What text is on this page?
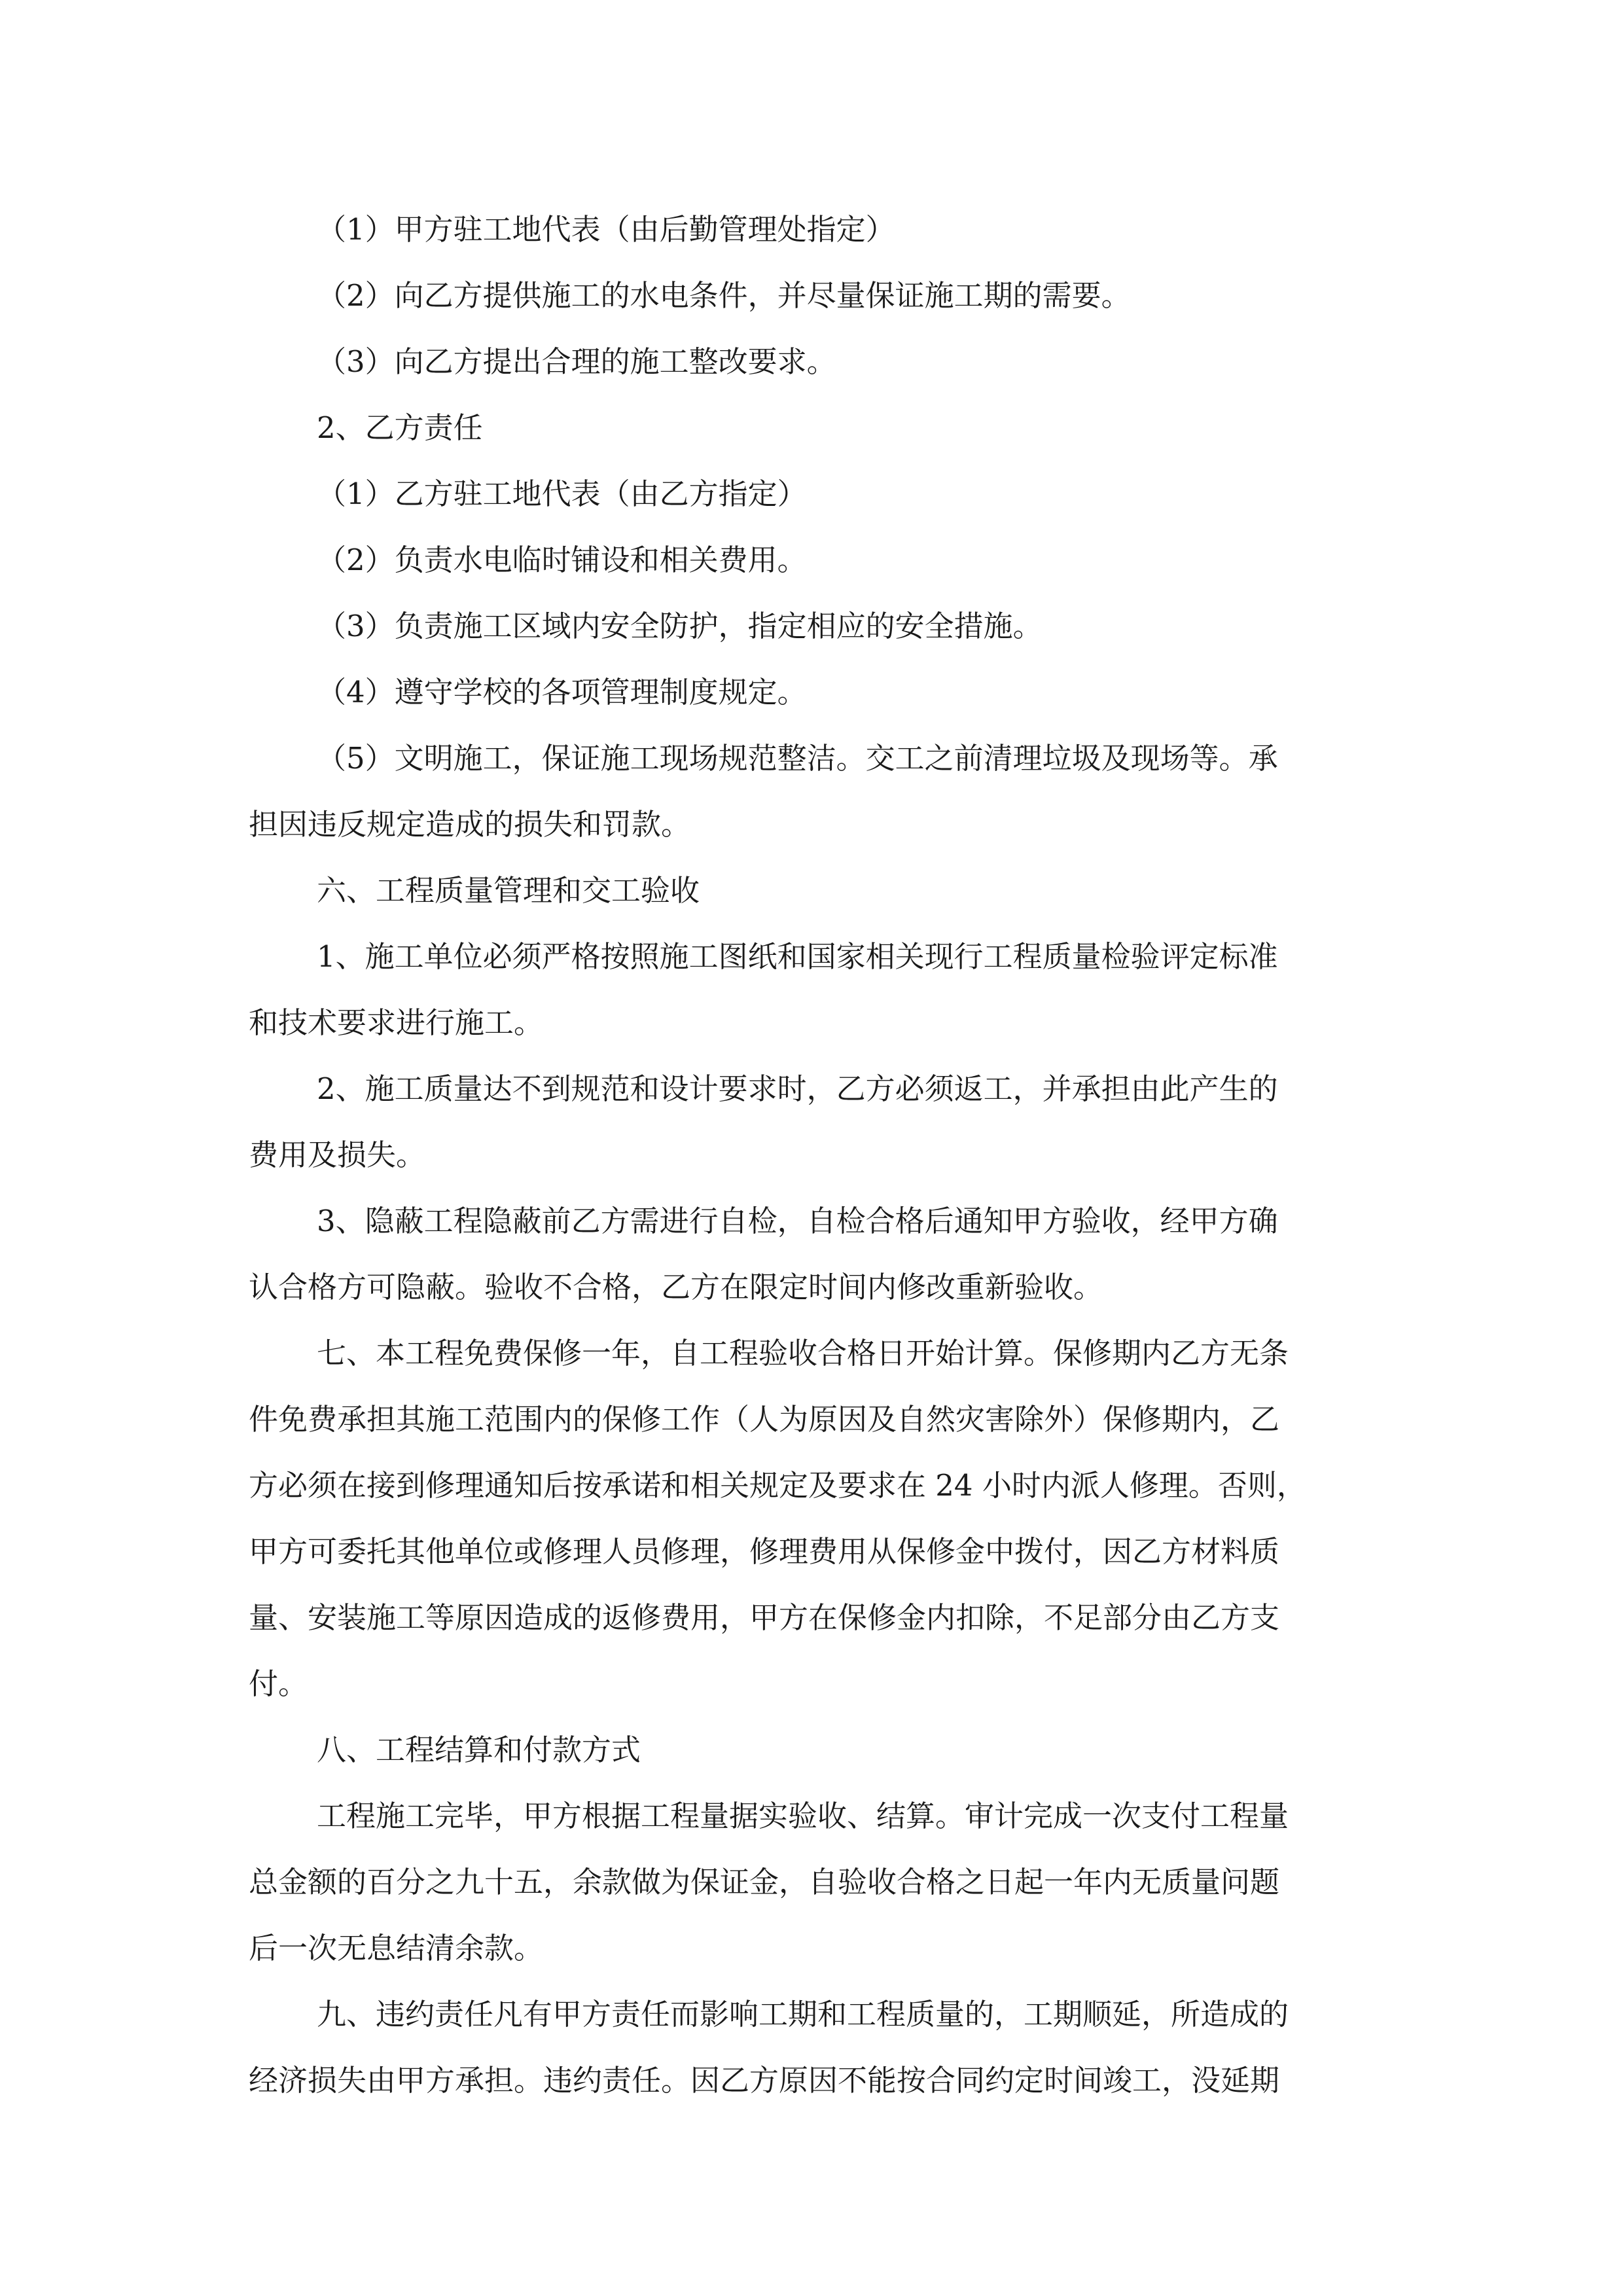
（1）甲方驻工地代表（由后勤管理处指定）
（2）向乙方提供施工的水电条件，并尽量保证施工期的需要。
（3）向乙方提出合理的施工整改要求。
2、乙方责任
（1）乙方驻工地代表（由乙方指定）
（2）负责水电临时铺设和相关费用。
（3）负责施工区域内安全防护，指定相应的安全措施。
（4）遵守学校的各项管理制度规定。
（5）文明施工，保证施工现场规范整洁。交工之前清理垃圾及现场等。承
担因违反规定造成的损失和罚款。
六、工程质量管理和交工验收
1、施工单位必须严格按照施工图纸和国家相关现行工程质量检验评定标准
和技术要求进行施工。
2、施工质量达不到规范和设计要求时，乙方必须返工，并承担由此产生的
费用及损失。
3、隐蔽工程隐蔽前乙方需进行自检，自检合格后通知甲方验收，经甲方确
认合格方可隐蔽。验收不合格，乙方在限定时间内修改重新验收。
七、本工程免费保修一年，自工程验收合格日开始计算。保修期内乙方无条
件免费承担其施工范围内的保修工作（人为原因及自然灾害除外）保修期内，乙
方必须在接到修理通知后按承诺和相关规定及要求在 24 小时内派人修理。否则，
甲方可委托其他单位或修理人员修理，修理费用从保修金中拨付，因乙方材料质
量、安装施工等原因造成的返修费用，甲方在保修金内扣除，不足部分由乙方支
付。
八、工程结算和付款方式
工程施工完毕，甲方根据工程量据实验收、结算。审计完成一次支付工程量
总金额的百分之九十五，余款做为保证金，自验收合格之日起一年内无质量问题
后一次无息结清余款。
九、违约责任凡有甲方责任而影响工期和工程质量的，工期顺延，所造成的
经济损失由甲方承担。违约责任。因乙方原因不能按合同约定时间竣工，没延期
